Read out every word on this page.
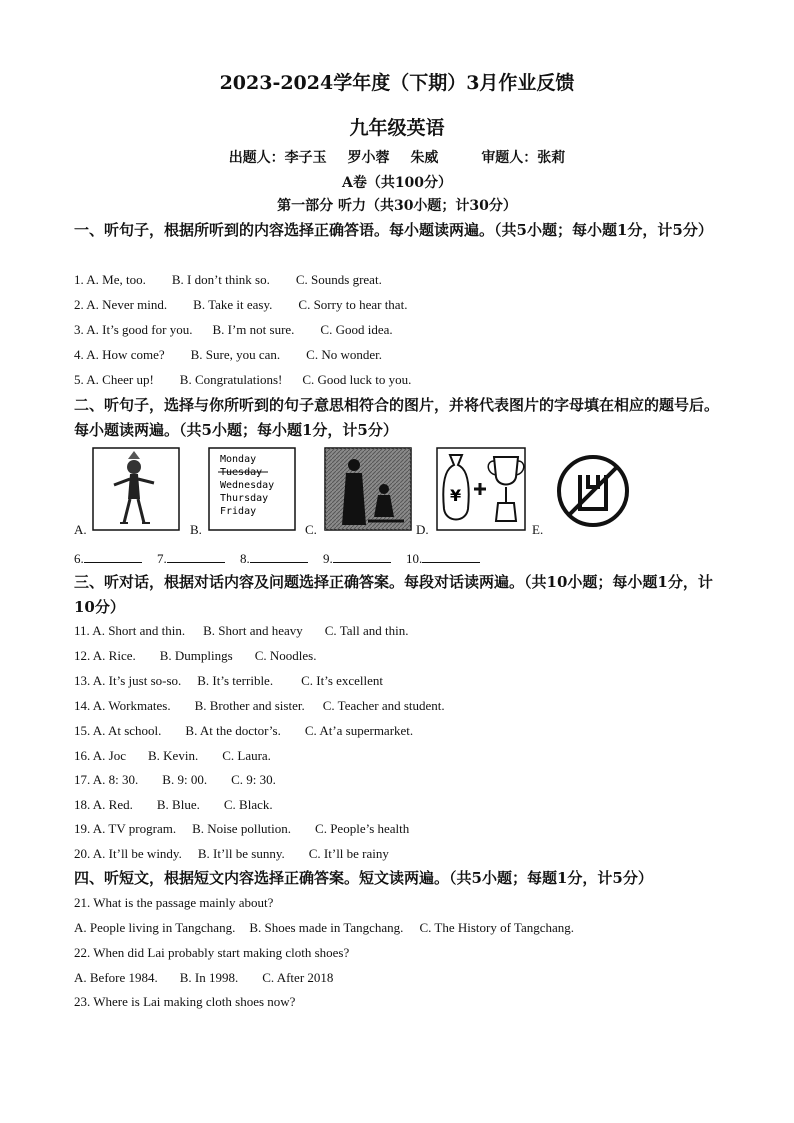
2023-2024学年度（下期）3月作业反馈
九年级英语
出题人：李子玉 罗小蓉 朱威	审题人：张莉
A卷（共100分）
第一部分 听力（共30小题；计30分）
一、听句子，根据所听到的内容选择正确答语。每小题读两遍。（共5小题；每小题1分，计5分）
1. A. Me, too. B. I don’t think so. C. Sounds great.
2. A. Never mind. B. Take it easy. C. Sorry to hear that.
3. A. It’s good for you. B. I’m not sure. C. Good idea.
4. A. How come? B. Sure, you can. C. No wonder.
5. A. Cheer up! B. Congratulations! C. Good luck to you.
二、听句子，选择与你所听到的句子意思相符合的图片，并将代表图片的字母填在相应的题号后。每小题读两遍。（共5小题；每小题1分，计5分）
A.
Monday
Tuesday
Wednesday
Thursday
Friday
B.	C.
¥
D.	E.
6.	7.	8.	9.	10.
三、听对话，根据对话内容及问题选择正确答案。每段对话读两遍。（共10小题；每小题1分，计10分）
11. A. Short and thin. B. Short and heavy C. Tall and thin.
12. A. Rice. B. Dumplings C. Noodles.
13. A. It’s just so-so. B. It’s terrible. C. It’s excellent
14. A. Workmates. B. Brother and sister. C. Teacher and student.
15. A. At school. B. At the doctor’s. C. At’a supermarket.
16. A. Joc B. Kevin. C. Laura.
17. A. 8: 30. B. 9: 00. C. 9: 30.
18. A. Red. B. Blue. C. Black.
19. A. TV program. B. Noise pollution. C. People’s health
20. A. It’ll be windy. B. It’ll be sunny. C. It’ll be rainy
四、听短文，根据短文内容选择正确答案。短文读两遍。（共5小题；每题1分，计5分）
21. What is the passage mainly about?
A. People living in Tangchang. B. Shoes made in Tangchang. C. The History of Tangchang.
22. When did Lai probably start making cloth shoes?
A. Before 1984. B. In 1998. C. After 2018
23. Where is Lai making cloth shoes now?
